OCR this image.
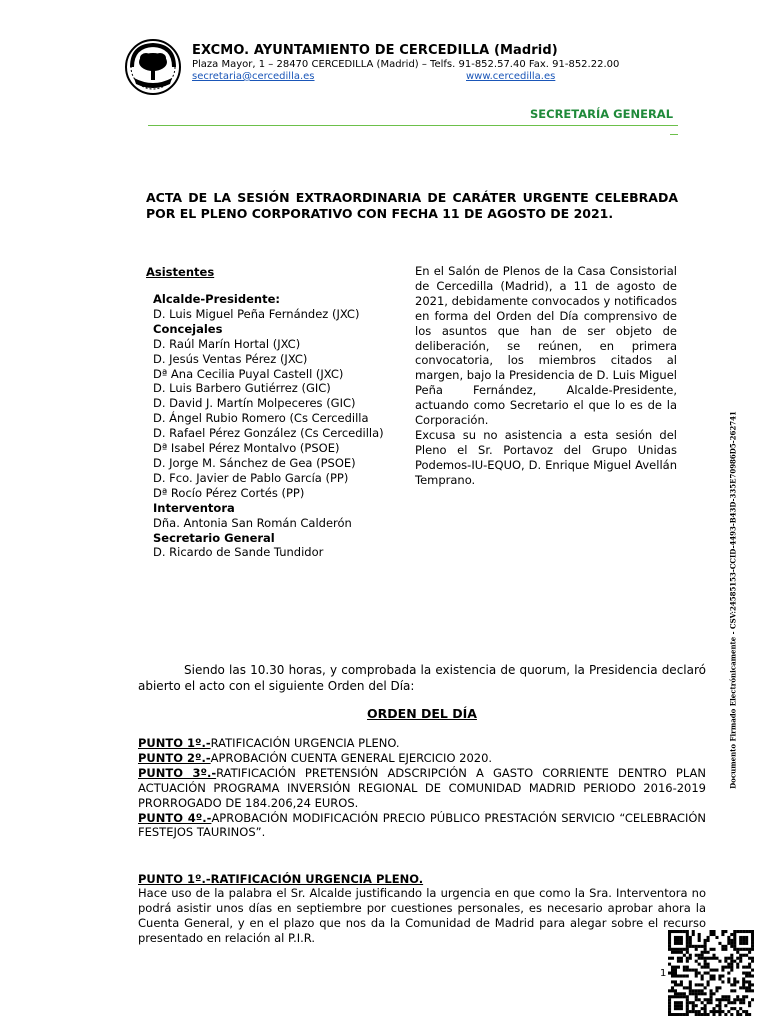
EXCMO. AYUNTAMIENTO DE CERCEDILLA (Madrid)
Plaza Mayor, 1 – 28470 CERCEDILLA (Madrid) – Telfs. 91-852.57.40 Fax. 91-852.22.00
secretaria@cercedilla.es	www.cercedilla.es
SECRETARÍA GENERAL
ACTA DE LA SESIÓN EXTRAORDINARIA DE CARÁTER URGENTE CELEBRADA POR EL PLENO CORPORATIVO CON FECHA 11 DE AGOSTO DE 2021.
Asistentes
Alcalde-Presidente:
D. Luis Miguel Peña Fernández (JXC)
Concejales
D. Raúl Marín Hortal (JXC)
D. Jesús Ventas Pérez (JXC)
Dª Ana Cecilia Puyal Castell (JXC)
D. Luis Barbero Gutiérrez (GIC)
D. David J. Martín Molpeceres (GIC)
D. Ángel Rubio Romero (Cs Cercedilla
D. Rafael Pérez González (Cs Cercedilla)
Dª Isabel Pérez Montalvo (PSOE)
D. Jorge M. Sánchez de Gea (PSOE)
D. Fco. Javier de Pablo García (PP)
Dª Rocío Pérez Cortés (PP)
Interventora
Dña. Antonia San Román Calderón
Secretario General
D. Ricardo de Sande Tundidor

En el Salón de Plenos de la Casa Consistorial de Cercedilla (Madrid), a 11 de agosto de 2021, debidamente convocados y notificados en forma del Orden del Día comprensivo de los asuntos que han de ser objeto de deliberación, se reúnen, en primera convocatoria, los miembros citados al margen, bajo la Presidencia de D. Luis Miguel Peña Fernández, Alcalde-Presidente, actuando como Secretario el que lo es de la Corporación.

Excusa su no asistencia a esta sesión del Pleno el Sr. Portavoz del Grupo Unidas Podemos-IU-EQUO, D. Enrique Miguel Avellán Temprano.

Siendo las 10.30 horas, y comprobada la existencia de quorum, la Presidencia declaró abierto el acto con el siguiente Orden del Día:
ORDEN DEL DÍA

PUNTO 1º.-RATIFICACIÓN URGENCIA PLENO.

PUNTO 2º.-APROBACIÓN CUENTA GENERAL EJERCICIO 2020.

PUNTO 3º.-RATIFICACIÓN PRETENSIÓN ADSCRIPCIÓN A GASTO CORRIENTE DENTRO PLAN ACTUACIÓN PROGRAMA INVERSIÓN REGIONAL DE COMUNIDAD MADRID PERIODO 2016-2019 PRORROGADO DE 184.206,24 EUROS.

PUNTO 4º.-APROBACIÓN MODIFICACIÓN PRECIO PÚBLICO PRESTACIÓN SERVICIO “CELEBRACIÓN FESTEJOS TAURINOS”.

PUNTO 1º.-RATIFICACIÓN URGENCIA PLENO.
Hace uso de la palabra el Sr. Alcalde justificando la urgencia en que como la Sra. Interventora no podrá asistir unos días en septiembre por cuestiones personales, es necesario aprobar ahora la Cuenta General, y en el plazo que nos da la Comunidad de Madrid para alegar sobre el recurso presentado en relación al P.I.R.
Documento Firmado Electrónicamente - CSV:24585153-CCID-4493-B43D-335E70986D5-262741
1
